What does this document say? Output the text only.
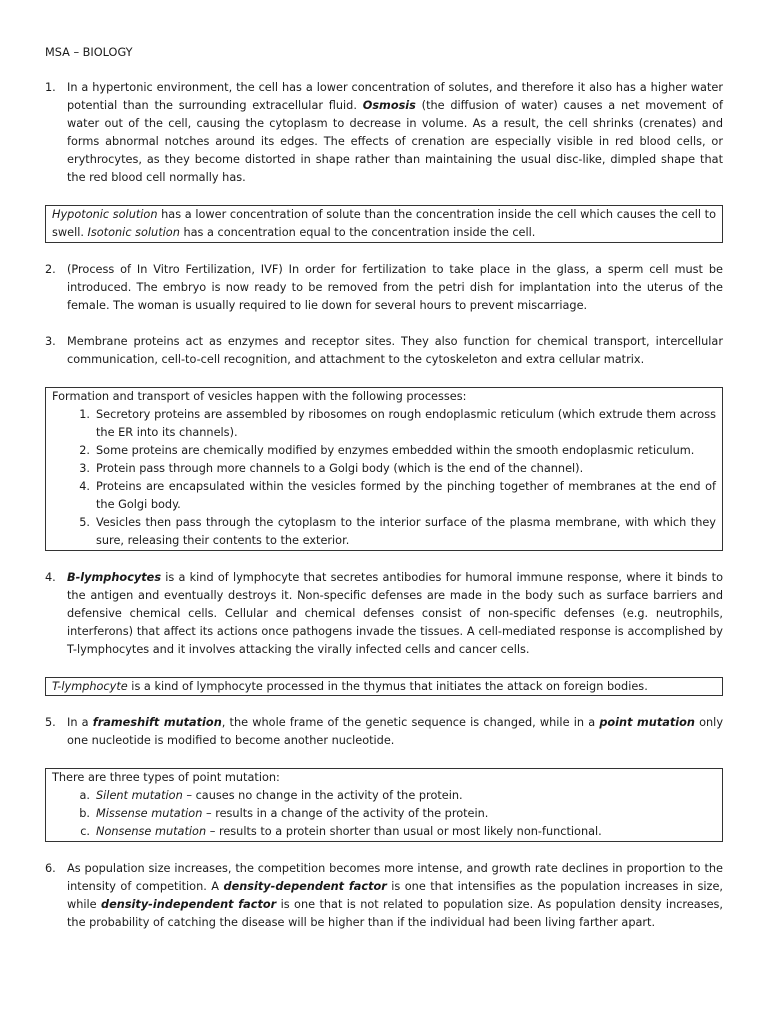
MSA – BIOLOGY
1. In a hypertonic environment, the cell has a lower concentration of solutes, and therefore it also has a higher water potential than the surrounding extracellular fluid. Osmosis (the diffusion of water) causes a net movement of water out of the cell, causing the cytoplasm to decrease in volume. As a result, the cell shrinks (crenates) and forms abnormal notches around its edges. The effects of crenation are especially visible in red blood cells, or erythrocytes, as they become distorted in shape rather than maintaining the usual disc-like, dimpled shape that the red blood cell normally has.

Hypotonic solution has a lower concentration of solute than the concentration inside the cell which causes the cell to swell. Isotonic solution has a concentration equal to the concentration inside the cell.

2. (Process of In Vitro Fertilization, IVF) In order for fertilization to take place in the glass, a sperm cell must be introduced. The embryo is now ready to be removed from the petri dish for implantation into the uterus of the female. The woman is usually required to lie down for several hours to prevent miscarriage.
3. Membrane proteins act as enzymes and receptor sites. They also function for chemical transport, intercellular communication, cell-to-cell recognition, and attachment to the cytoskeleton and extra cellular matrix.

Formation and transport of vesicles happen with the following processes:

1. Secretory proteins are assembled by ribosomes on rough endoplasmic reticulum (which extrude them across the ER into its channels).
2. Some proteins are chemically modified by enzymes embedded within the smooth endoplasmic reticulum.
3. Protein pass through more channels to a Golgi body (which is the end of the channel).
4. Proteins are encapsulated within the vesicles formed by the pinching together of membranes at the end of the Golgi body.
5. Vesicles then pass through the cytoplasm to the interior surface of the plasma membrane, with which they sure, releasing their contents to the exterior.
4. B-lymphocytes is a kind of lymphocyte that secretes antibodies for humoral immune response, where it binds to the antigen and eventually destroys it. Non-specific defenses are made in the body such as surface barriers and defensive chemical cells. Cellular and chemical defenses consist of non-specific defenses (e.g. neutrophils, interferons) that affect its actions once pathogens invade the tissues. A cell-mediated response is accomplished by T-lymphocytes and it involves attacking the virally infected cells and cancer cells.

T-lymphocyte is a kind of lymphocyte processed in the thymus that initiates the attack on foreign bodies.

5. In a frameshift mutation, the whole frame of the genetic sequence is changed, while in a point mutation only one nucleotide is modified to become another nucleotide.

There are three types of point mutation:

a. Silent mutation – causes no change in the activity of the protein.
b. Missense mutation – results in a change of the activity of the protein.
c. Nonsense mutation – results to a protein shorter than usual or most likely non-functional.
6. As population size increases, the competition becomes more intense, and growth rate declines in proportion to the intensity of competition. A density-dependent factor is one that intensifies as the population increases in size, while density-independent factor is one that is not related to population size. As population density increases, the probability of catching the disease will be higher than if the individual had been living farther apart.
